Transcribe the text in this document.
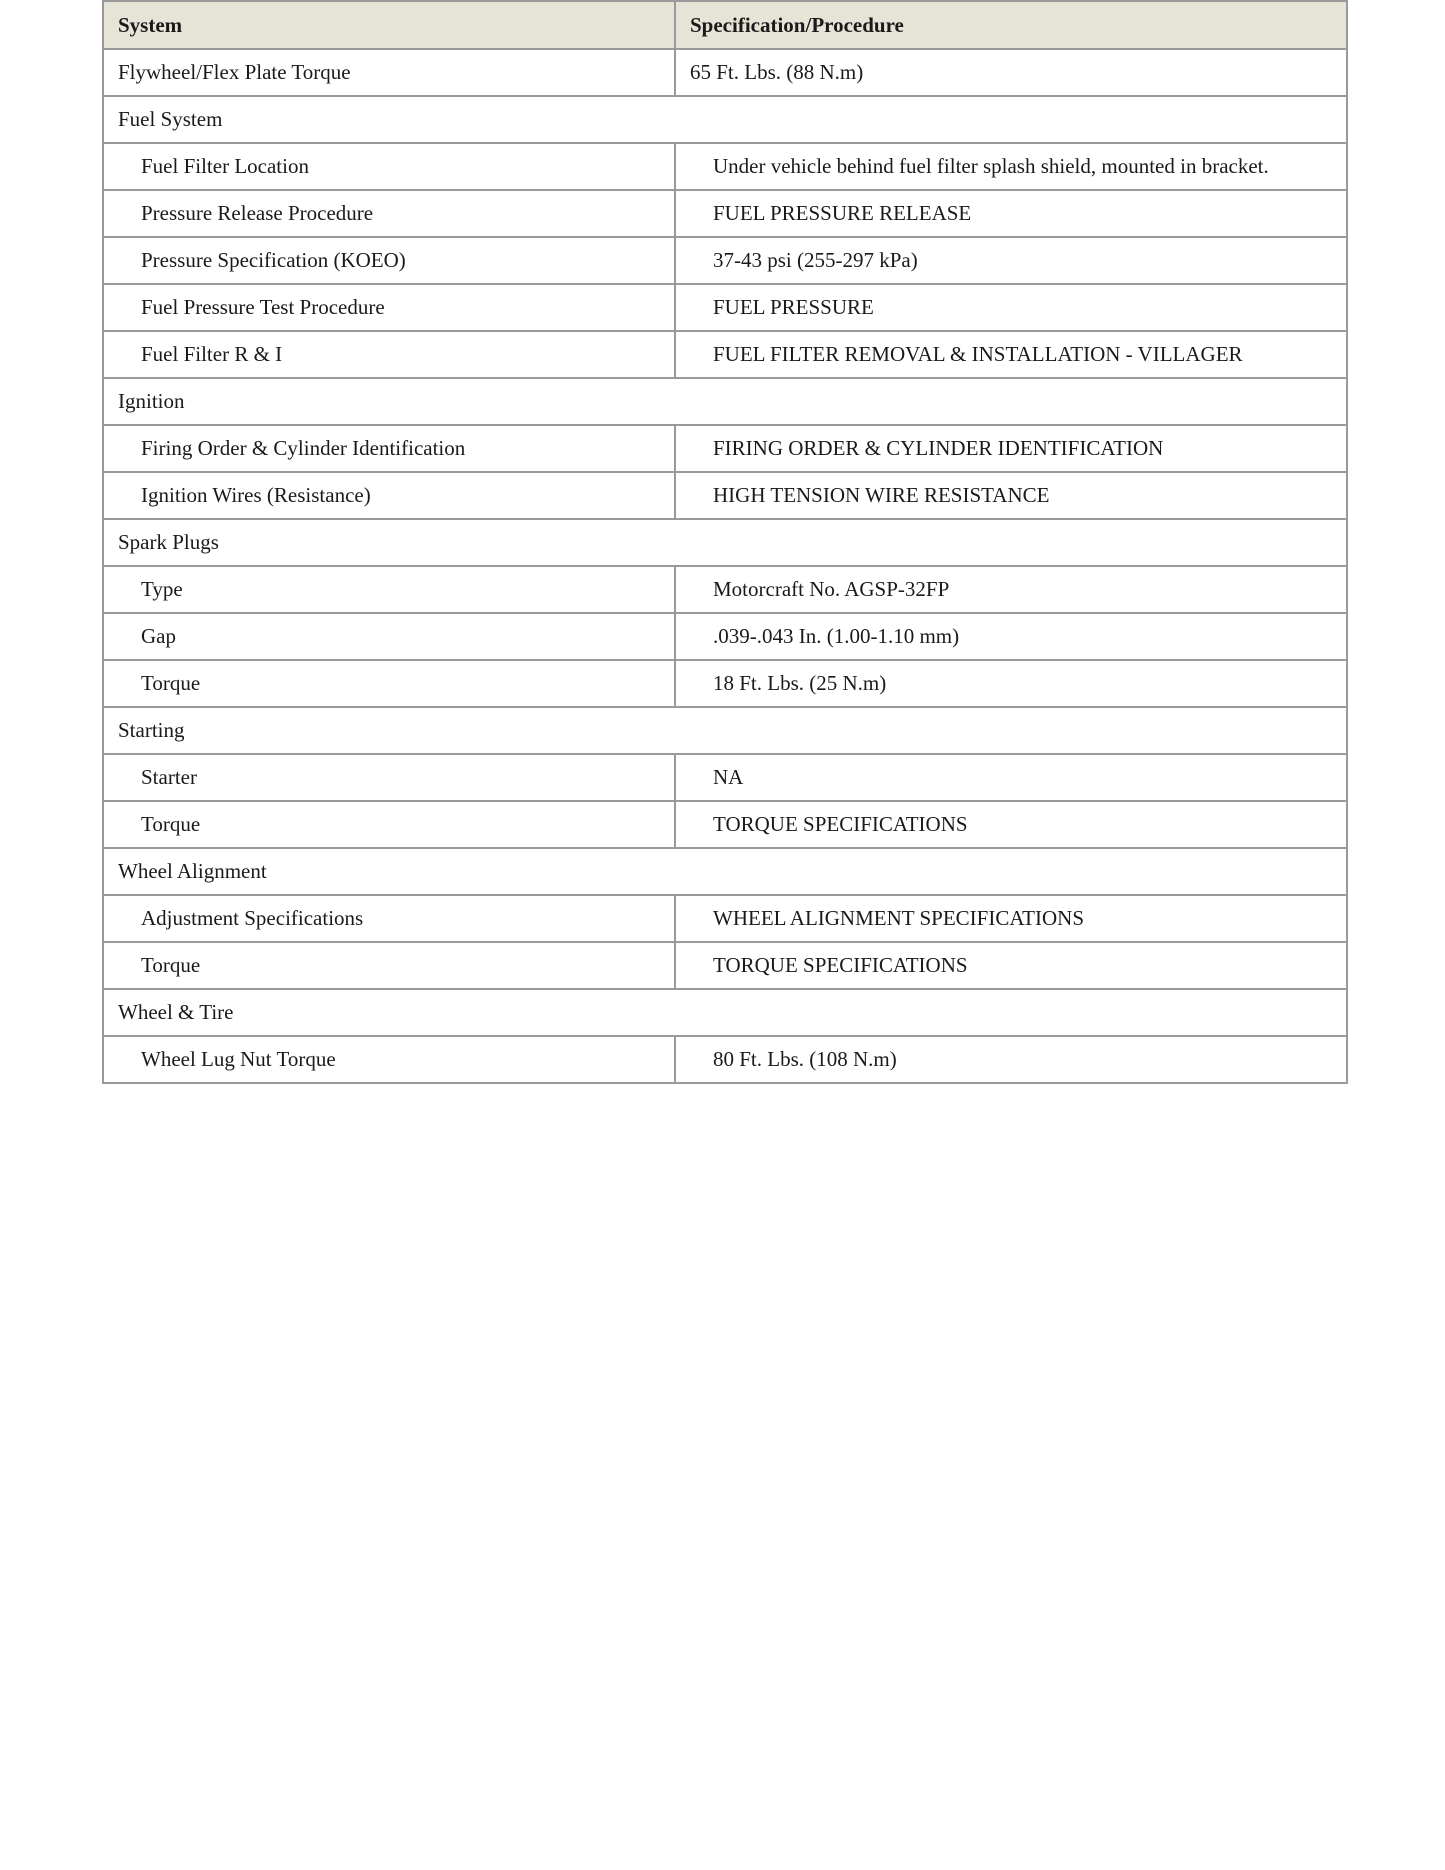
System	Specification/Procedure
Flywheel/Flex Plate Torque	65 Ft. Lbs. (88 N.m)
Fuel System	
Fuel Filter Location	Under vehicle behind fuel filter splash shield, mounted in bracket.
Pressure Release Procedure	FUEL PRESSURE RELEASE
Pressure Specification (KOEO)	37-43 psi (255-297 kPa)
Fuel Pressure Test Procedure	FUEL PRESSURE
Fuel Filter R & I	FUEL FILTER REMOVAL & INSTALLATION - VILLAGER
Ignition	
Firing Order & Cylinder Identification	FIRING ORDER & CYLINDER IDENTIFICATION
Ignition Wires (Resistance)	HIGH TENSION WIRE RESISTANCE
Spark Plugs	
Type	Motorcraft No. AGSP-32FP
Gap	.039-.043 In. (1.00-1.10 mm)
Torque	18 Ft. Lbs. (25 N.m)
Starting	
Starter	NA
Torque	TORQUE SPECIFICATIONS
Wheel Alignment	
Adjustment Specifications	WHEEL ALIGNMENT SPECIFICATIONS
Torque	TORQUE SPECIFICATIONS
Wheel & Tire	
Wheel Lug Nut Torque	80 Ft. Lbs. (108 N.m)
